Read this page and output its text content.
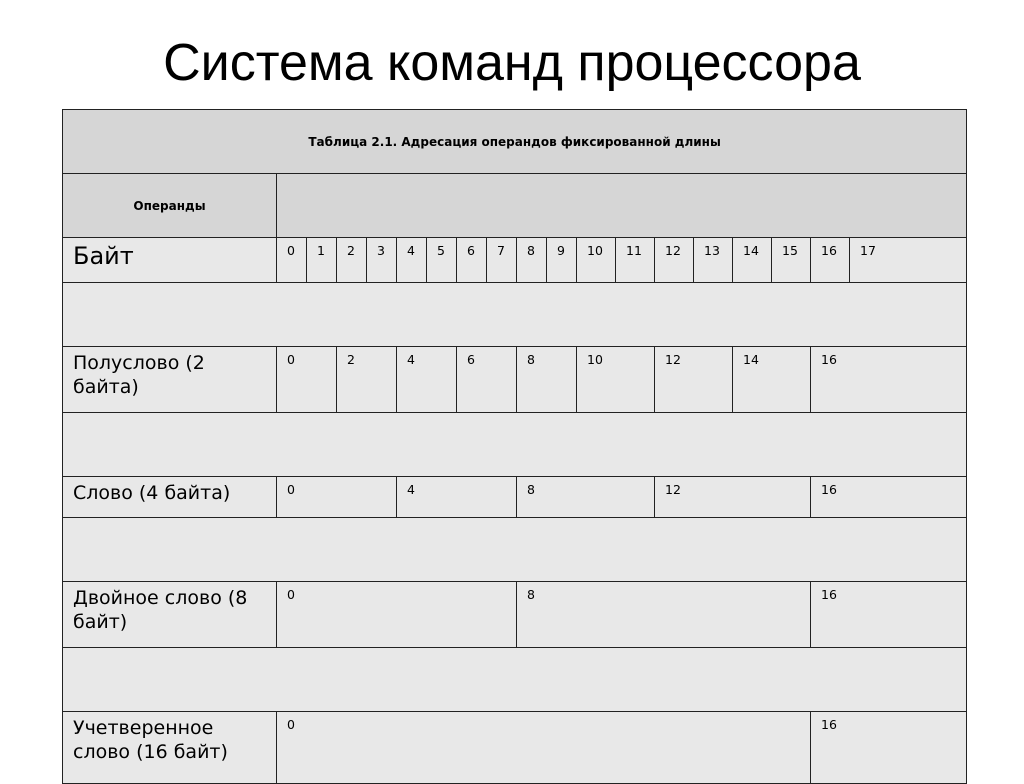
Система команд процессора
Таблица 2.1. Адресация операндов фиксированной длины																		
Операнды																		
Байт	0	1	2	3	4	5	6	7	8	9	10	11	12	13	14	15	16	17

Полуслово (2 байта)	0		2		4		6		8		10		12		14		16	

Слово (4 байта)	0				4				8				12				16	

Двойное слово (8 байт)	0								8								16	

Учетверенное слово (16 байт)	0																16	
